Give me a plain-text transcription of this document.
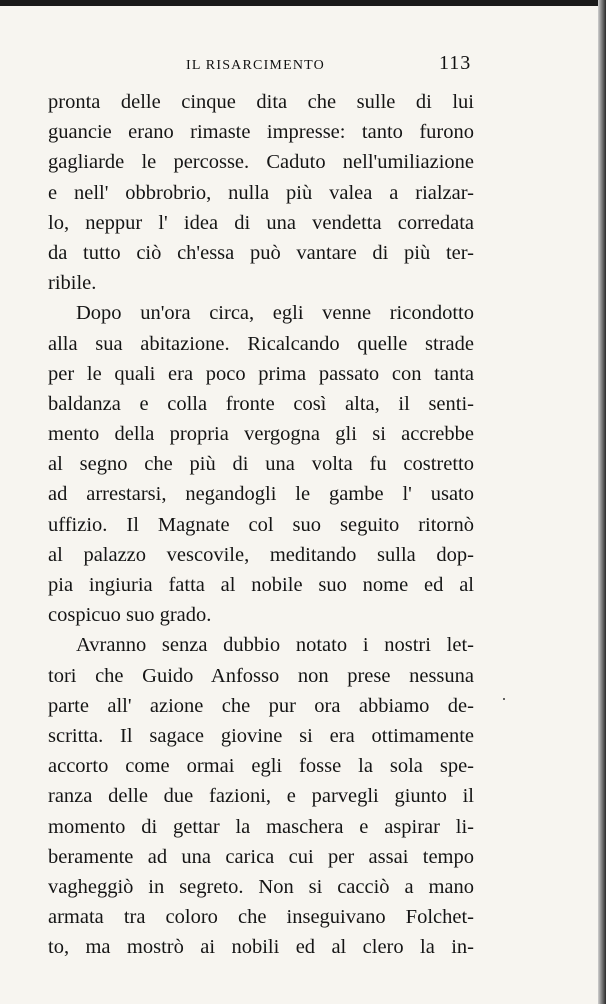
IL RISARCIMENTO	113
pronta delle cinque dita che sulle di lui
guancie erano rimaste impresse: tanto furono
gagliarde le percosse. Caduto nell'umiliazione
e nell' obbrobrio, nulla più valea a rialzar-
lo, neppur l' idea di una vendetta corredata
da tutto ciò ch'essa può vantare di più ter-
ribile.
Dopo un'ora circa, egli venne ricondotto
alla sua abitazione. Ricalcando quelle strade
per le quali era poco prima passato con tanta
baldanza e colla fronte così alta, il senti-
mento della propria vergogna gli si accrebbe
al segno che più di una volta fu costretto
ad arrestarsi, negandogli le gambe l' usato
uffizio. Il Magnate col suo seguito ritornò
al palazzo vescovile, meditando sulla dop-
pia ingiuria fatta al nobile suo nome ed al
cospicuo suo grado.
Avranno senza dubbio notato i nostri let-
tori che Guido Anfosso non prese nessuna
parte all' azione che pur ora abbiamo de-
scritta. Il sagace giovine si era ottimamente
accorto come ormai egli fosse la sola spe-
ranza delle due fazioni, e parvegli giunto il
momento di gettar la maschera e aspirar li-
beramente ad una carica cui per assai tempo
vagheggiò in segreto. Non si cacciò a mano
armata tra coloro che inseguivano Folchet-
to, ma mostrò ai nobili ed al clero la in-
